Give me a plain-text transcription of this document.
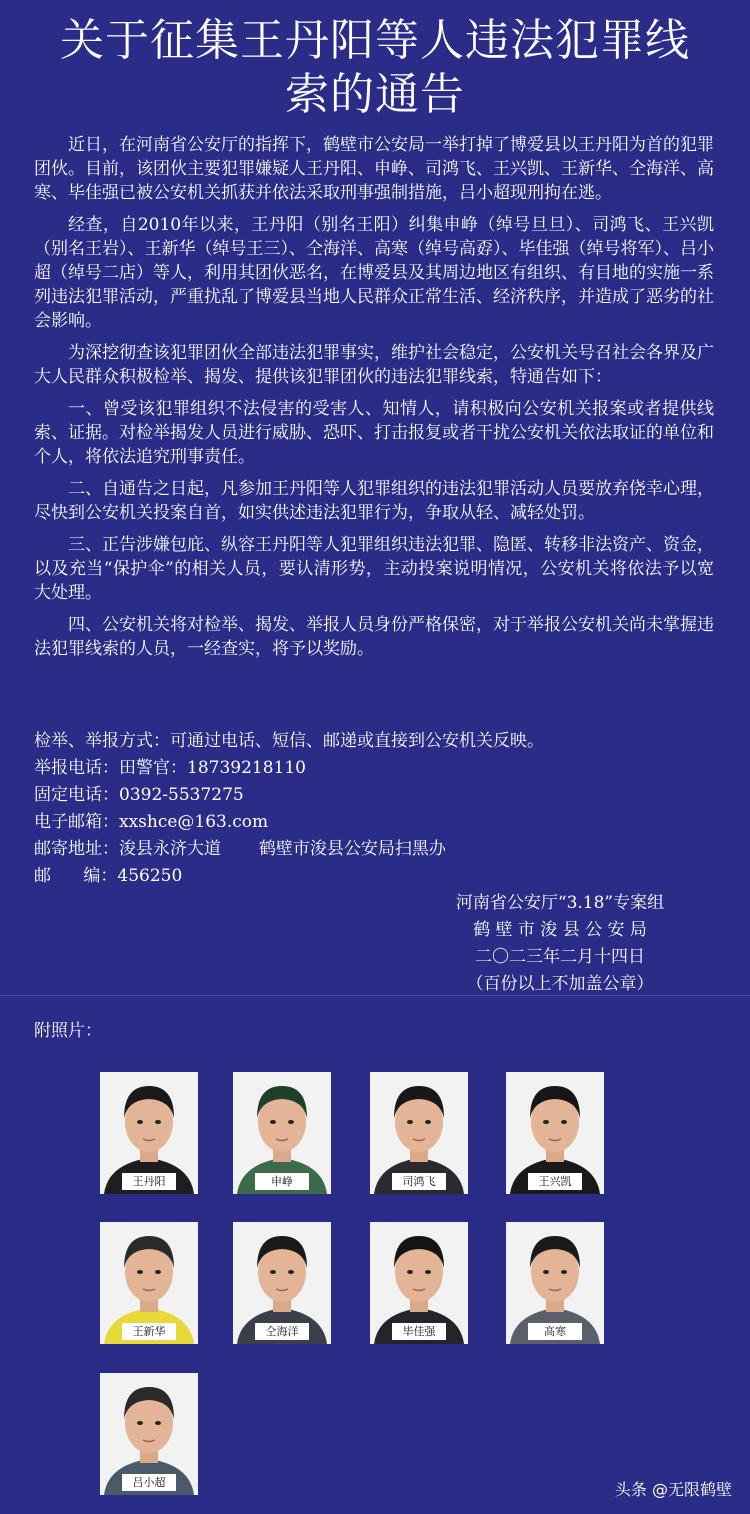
关于征集王丹阳等人违法犯罪线
索的通告

近日，在河南省公安厅的指挥下，鹤壁市公安局一举打掉了博爱县以王丹阳为首的犯罪团伙。目前，该团伙主要犯罪嫌疑人王丹阳、申峥、司鸿飞、王兴凯、王新华、仝海洋、高寒、毕佳强已被公安机关抓获并依法采取刑事强制措施，吕小超现刑拘在逃。

经查，自2010年以来，王丹阳（别名王阳）纠集申峥（绰号旦旦）、司鸿飞、王兴凯（别名王岩）、王新华（绰号王三）、仝海洋、高寒（绰号高孬）、毕佳强（绰号将军）、吕小超（绰号二店）等人，利用其团伙恶名，在博爱县及其周边地区有组织、有目地的实施一系列违法犯罪活动，严重扰乱了博爱县当地人民群众正常生活、经济秩序，并造成了恶劣的社会影响。

为深挖彻查该犯罪团伙全部违法犯罪事实，维护社会稳定，公安机关号召社会各界及广大人民群众积极检举、揭发、提供该犯罪团伙的违法犯罪线索，特通告如下：

一、曾受该犯罪组织不法侵害的受害人、知情人，请积极向公安机关报案或者提供线索、证据。对检举揭发人员进行威胁、恐吓、打击报复或者干扰公安机关依法取证的单位和个人，将依法追究刑事责任。

二、自通告之日起，凡参加王丹阳等人犯罪组织的违法犯罪活动人员要放弃侥幸心理，尽快到公安机关投案自首，如实供述违法犯罪行为，争取从轻、减轻处罚。

三、正告涉嫌包庇、纵容王丹阳等人犯罪组织违法犯罪、隐匿、转移非法资产、资金，以及充当“保护伞”的相关人员，要认清形势，主动投案说明情况，公安机关将依法予以宽大处理。

四、公安机关将对检举、揭发、举报人员身份严格保密，对于举报公安机关尚未掌握违法犯罪线索的人员，一经查实，将予以奖励。

检举、举报方式：可通过电话、短信、邮递或直接到公安机关反映。
举报电话：田警官：18739218110
固定电话：0392-5537275
电子邮箱：xxshce@163.com
邮寄地址：浚县永济大道       鹤壁市浚县公安局扫黑办
邮      编：456250
河南省公安厅“3.18”专案组
鹤 壁 市 浚 县 公 安 局
二〇二三年二月十四日
（百份以上不加盖公章）
附照片：
王丹阳	申峥	司鸿飞	王兴凯
王新华	仝海洋	毕佳强	高寒
吕小超	头条 @无限鹤壁
